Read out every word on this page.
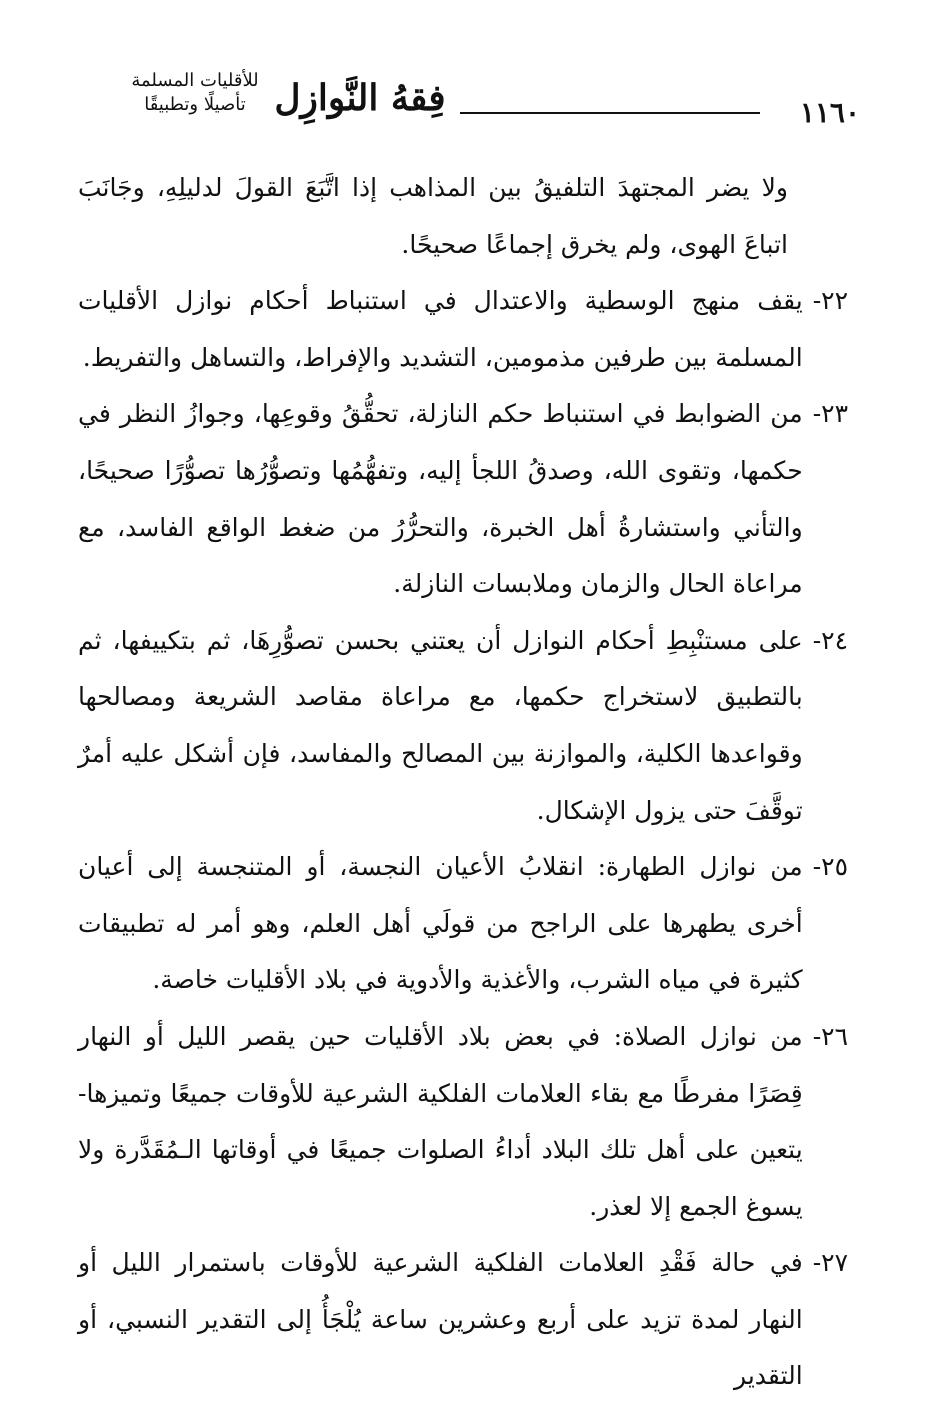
١١٦٠
فِقهُ النَّوازِل
للأقليات المسلمة
تأصيلًا وتطبيقًا

ولا يضر المجتهدَ التلفيقُ بين المذاهب إذا اتَّبَعَ القولَ لدليلِهِ، وجَانَبَ اتباعَ الهوى، ولم يخرق إجماعًا صحيحًا.

٢٢-
يقف منهج الوسطية والاعتدال في استنباط أحكام نوازل الأقليات المسلمة بين طرفين مذمومين، التشديد والإفراط، والتساهل والتفريط.
٢٣-
من الضوابط في استنباط حكم النازلة، تحقُّقُ وقوعِها، وجوازُ النظر في حكمها، وتقوى الله، وصدقُ اللجأ إليه، وتفهُّمُها وتصوُّرُها تصوُّرًا صحيحًا، والتأني واستشارةُ أهل الخبرة، والتحرُّرُ من ضغط الواقع الفاسد، مع مراعاة الحال والزمان وملابسات النازلة.
٢٤-
على مستنْبِطِ أحكام النوازل أن يعتني بحسن تصوُّرِهَا، ثم بتكييفها، ثم بالتطبيق لاستخراج حكمها، مع مراعاة مقاصد الشريعة ومصالحها وقواعدها الكلية، والموازنة بين المصالح والمفاسد، فإن أشكل عليه أمرٌ توقَّفَ حتى يزول الإشكال.
٢٥-
من نوازل الطهارة: انقلابُ الأعيان النجسة، أو المتنجسة إلى أعيان أخرى يطهرها على الراجح من قولَي أهل العلم، وهو أمر له تطبيقات كثيرة في مياه الشرب، والأغذية والأدوية في بلاد الأقليات خاصة.
٢٦-
من نوازل الصلاة: في بعض بلاد الأقليات حين يقصر الليل أو النهار قِصَرًا مفرطًا مع بقاء العلامات الفلكية الشرعية للأوقات جميعًا وتميزها- يتعين على أهل تلك البلاد أداءُ الصلوات جميعًا في أوقاتها الـمُقَدَّرة ولا يسوغ الجمع إلا لعذر.
٢٧-
في حالة فَقْدِ العلامات الفلكية الشرعية للأوقات باستمرار الليل أو النهار لمدة تزيد على أربع وعشرين ساعة يُلْجَأُ إلى التقدير النسبي، أو التقدير
